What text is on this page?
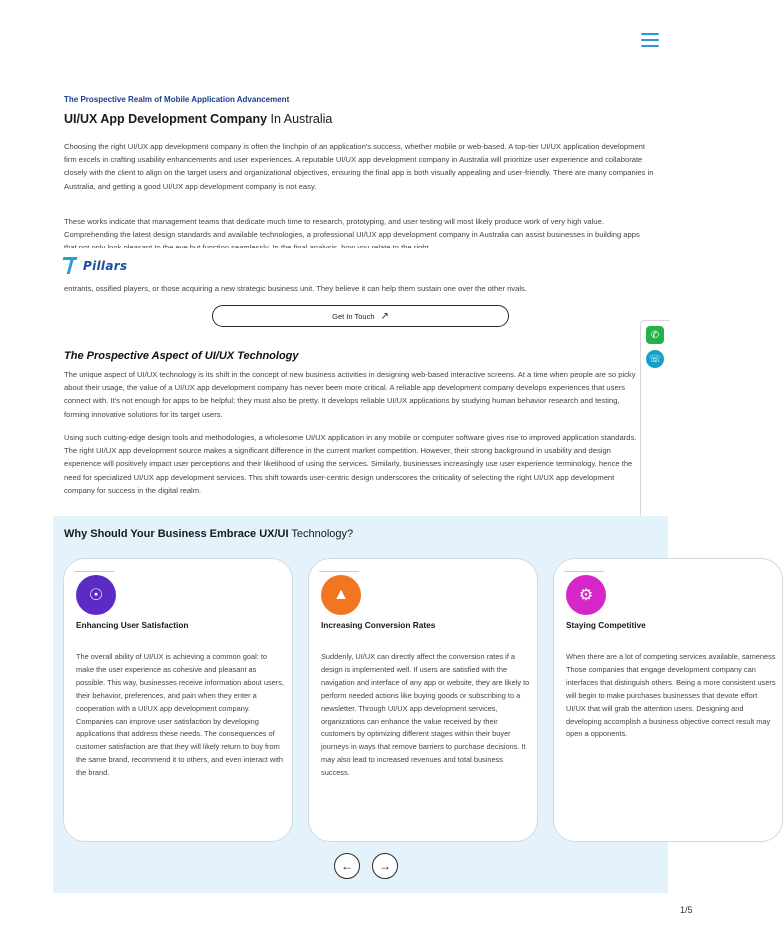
The Prospective Realm of Mobile Application Advancement
UI/UX App Development Company In Australia

Choosing the right UI/UX app development company is often the linchpin of an application's success, whether mobile or web-based. A top-tier UI/UX application development firm excels in crafting usability enhancements and user experiences. A reputable UI/UX app development company in Australia will prioritize user experience and collaborate closely with the client to align on the target users and organizational objectives, ensuring the final app is both visually appealing and user-friendly. There are many companies in Australia, and getting a good UI/UX app development company is not easy.

These works indicate that management teams that dedicate much time to research, prototyping, and user testing will most likely produce work of very high value. Comprehending the latest design standards and available technologies, a professional UI/UX app development company in Australia can assist businesses in building apps

Pillars

entrants, ossified players, or those acquiring a new strategic business unit. They believe it can help them sustain one over the other rivals.

Get In Touch ↗
✆
☏
The Prospective Aspect of UI/UX Technology

The unique aspect of UI/UX technology is its shift in the concept of new business activities in designing web-based interactive screens. At a time when people are so picky about their usage, the value of a UI/UX app development company has never been more critical. A reliable app development company develops experiences that users connect with. It's not enough for apps to be helpful; they must also be pretty. It develops reliable UI/UX applications by studying human behavior research and testing, forming innovative solutions for its target users.

Using such cutting-edge design tools and methodologies, a wholesome UI/UX application in any mobile or computer software gives rise to improved application standards. The right UI/UX app development source makes a significant difference in the current market competition. However, their strong background in usability and design experience will positively impact user perceptions and their likelihood of using the services. Similarly, businesses increasingly use user experience terminology, hence the need for specialized UI/UX app development services. This shift towards user-centric design underscores the criticality of selecting the right UI/UX app development company for success in the digital realm.

Why Should Your Business Embrace UX/UI Technology?
☉
Enhancing User Satisfaction

The overall ability of UI/UX is achieving a common goal: to make the user experience as cohesive and pleasant as possible. This way, businesses receive information about users, their behavior, preferences, and pain when they enter a cooperation with a UI/UX app development company. Companies can improve user satisfaction by developing applications that address these needs. The consequences of customer satisfaction are that they will likely return to buy from the same brand, recommend it to others, and even interact with the brand.

▲
Increasing Conversion Rates

Suddenly, UI/UX can directly affect the conversion rates if a design is implemented well. If users are satisfied with the navigation and interface of any app or website, they are likely to perform needed actions like buying goods or subscribing to a newsletter. Through UI/UX app development services, organizations can enhance the value received by their customers by optimizing different stages within their buyer journeys in ways that remove barriers to purchase decisions. It may also lead to increased revenues and total business success.

⚙
Staying Competitive

When there are a lot of competing services available, sameness Those companies that engage development company can interfaces that distinguish others. Being a more consistent users will begin to make purchases businesses that devote effort UI/UX that will grab the attention users. Designing and developing accomplish a business objective correct result may open a opponents.

←	→
1/5
